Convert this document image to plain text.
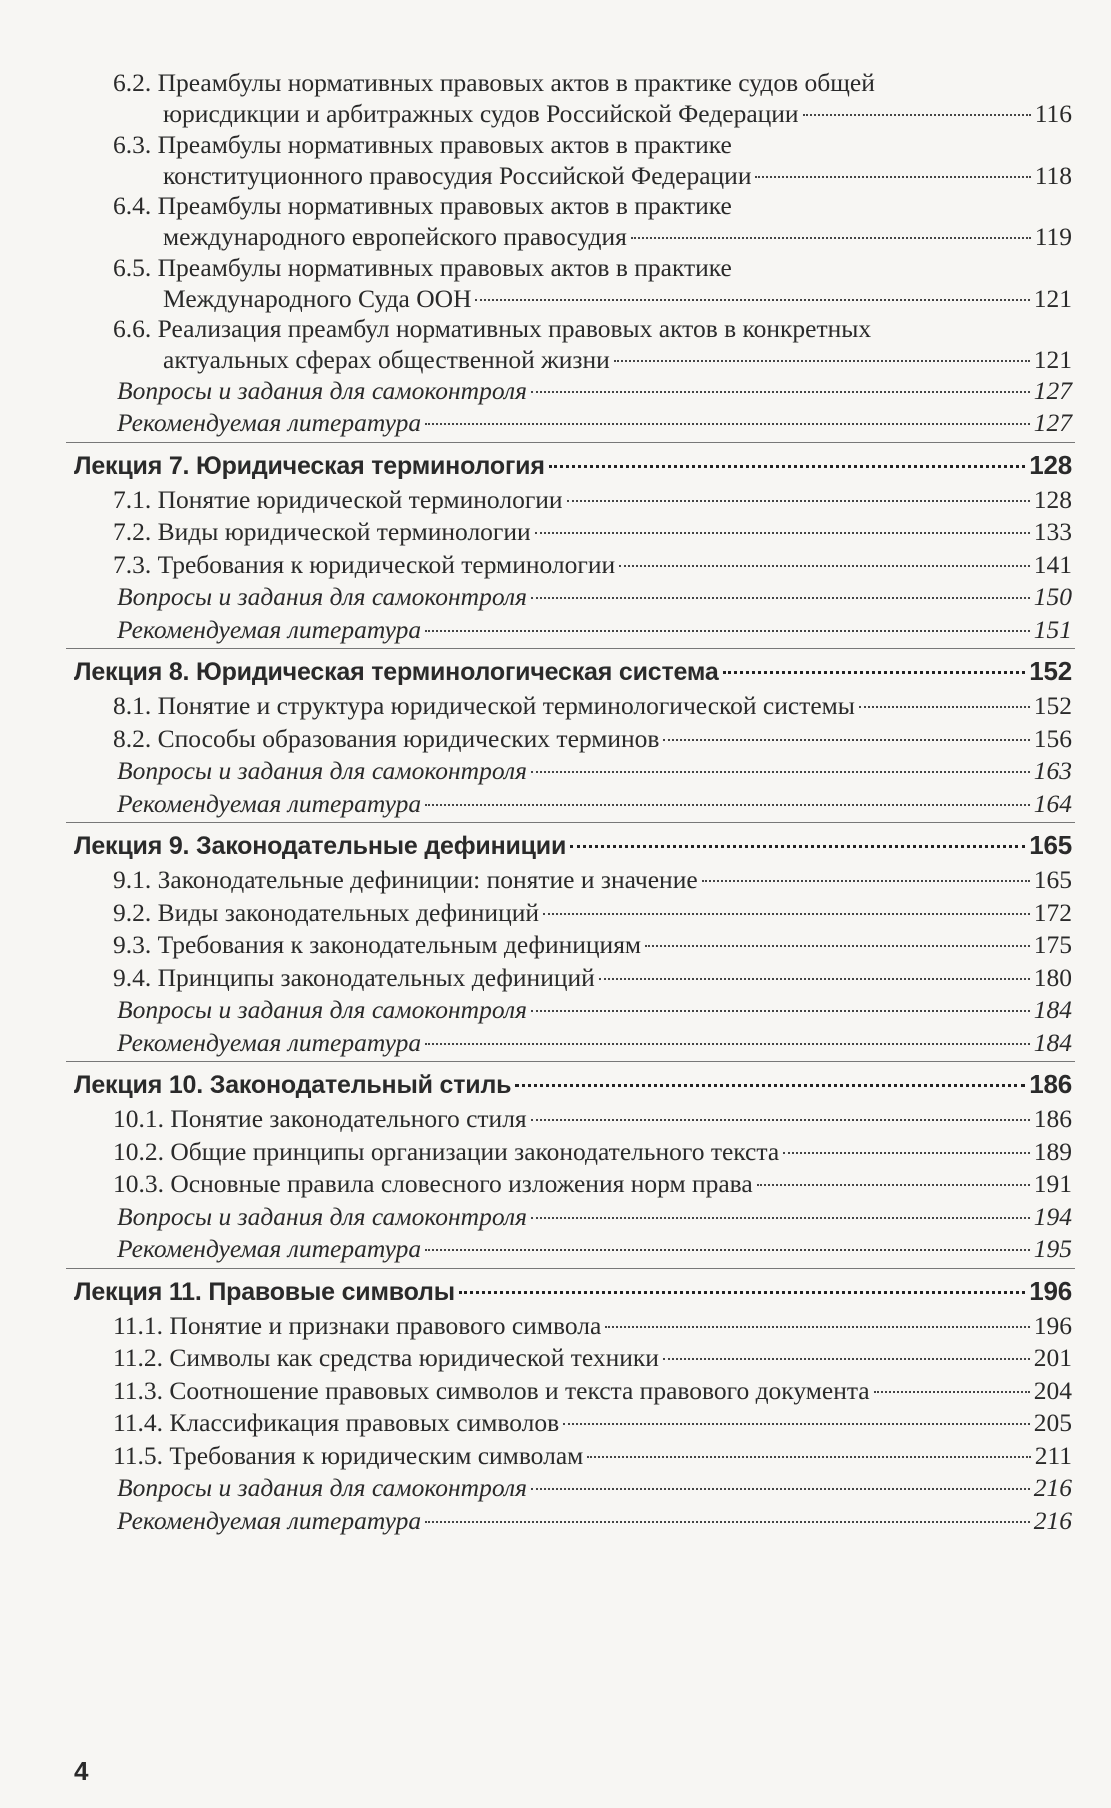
6.2. Преамбулы нормативных правовых актов в практике судов общей
юрисдикции и арбитражных судов Российской Федерации	116
6.3. Преамбулы нормативных правовых актов в практике
конституционного правосудия Российской Федерации	118
6.4. Преамбулы нормативных правовых актов в практике
международного европейского правосудия	119
6.5. Преамбулы нормативных правовых актов в практике
Международного Суда ООН	121
6.6. Реализация преамбул нормативных правовых актов в конкретных
актуальных сферах общественной жизни	121
Вопросы и задания для самоконтроля	127
Рекомендуемая литература	127
Лекция 7. Юридическая терминология	128
7.1. Понятие юридической терминологии	128
7.2. Виды юридической терминологии	133
7.3. Требования к юридической терминологии	141
Вопросы и задания для самоконтроля	150
Рекомендуемая литература	151
Лекция 8. Юридическая терминологическая система	152
8.1. Понятие и структура юридической терминологической системы	152
8.2. Способы образования юридических терминов	156
Вопросы и задания для самоконтроля	163
Рекомендуемая литература	164
Лекция 9. Законодательные дефиниции	165
9.1. Законодательные дефиниции: понятие и значение	165
9.2. Виды законодательных дефиниций	172
9.3. Требования к законодательным дефинициям	175
9.4. Принципы законодательных дефиниций	180
Вопросы и задания для самоконтроля	184
Рекомендуемая литература	184
Лекция 10. Законодательный стиль	186
10.1. Понятие законодательного стиля	186
10.2. Общие принципы организации законодательного текста	189
10.3. Основные правила словесного изложения норм права	191
Вопросы и задания для самоконтроля	194
Рекомендуемая литература	195
Лекция 11. Правовые символы	196
11.1. Понятие и признаки правового символа	196
11.2. Символы как средства юридической техники	201
11.3. Соотношение правовых символов и текста правового документа	204
11.4. Классификация правовых символов	205
11.5. Требования к юридическим символам	211
Вопросы и задания для самоконтроля	216
Рекомендуемая литература	216
4
